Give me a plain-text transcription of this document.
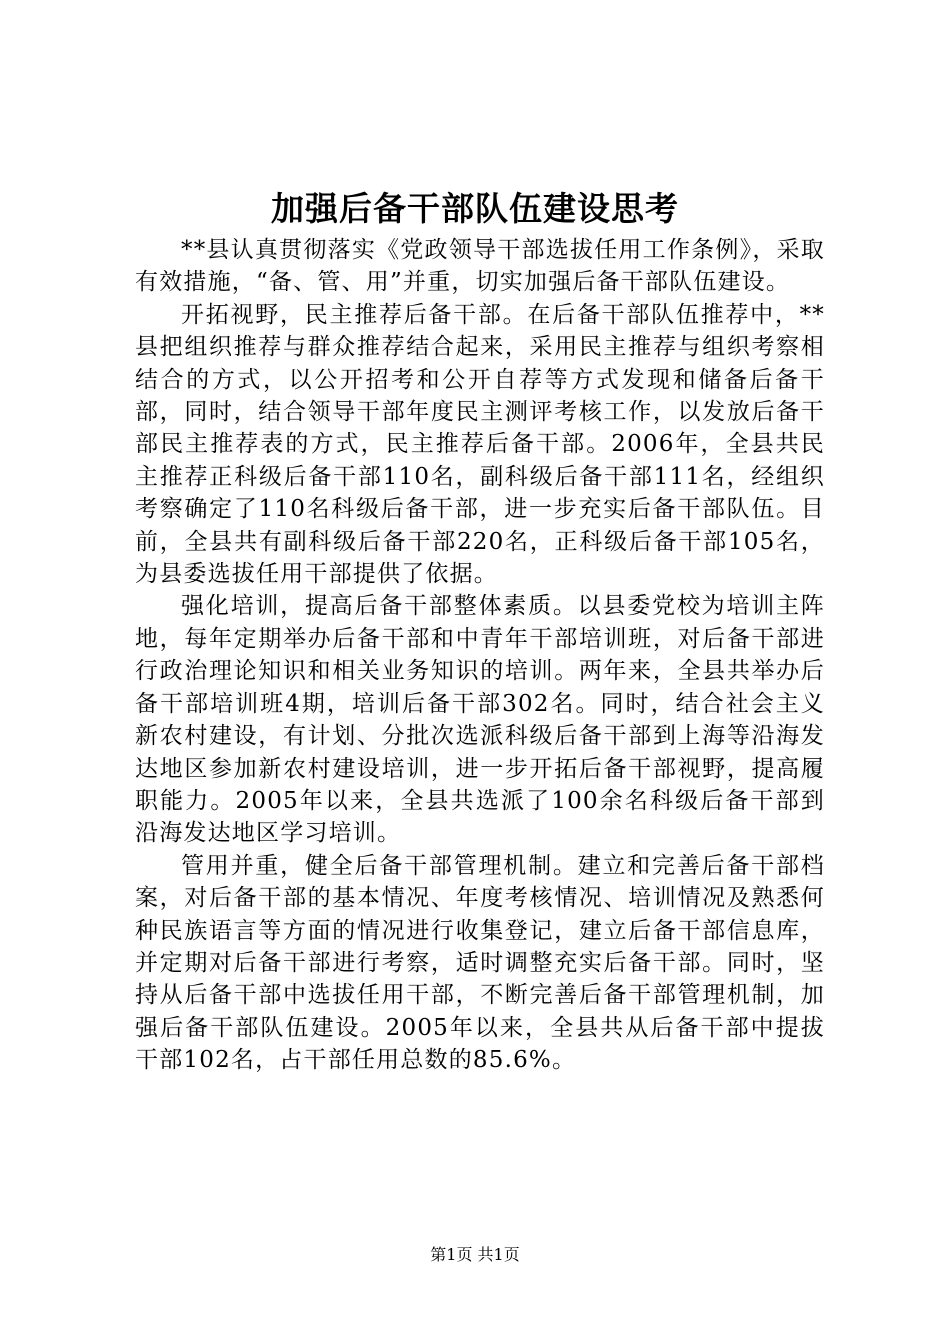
加强后备干部队伍建设思考

**县认真贯彻落实《党政领导干部选拔任用工作条例》，采取有效措施，“备、管、用”并重，切实加强后备干部队伍建设。

开拓视野，民主推荐后备干部。在后备干部队伍推荐中，**县把组织推荐与群众推荐结合起来，采用民主推荐与组织考察相结合的方式，以公开招考和公开自荐等方式发现和储备后备干部，同时，结合领导干部年度民主测评考核工作，以发放后备干部民主推荐表的方式，民主推荐后备干部。2006年，全县共民主推荐正科级后备干部110名，副科级后备干部111名，经组织考察确定了110名科级后备干部，进一步充实后备干部队伍。目前，全县共有副科级后备干部220名，正科级后备干部105名，为县委选拔任用干部提供了依据。

强化培训，提高后备干部整体素质。以县委党校为培训主阵地，每年定期举办后备干部和中青年干部培训班，对后备干部进行政治理论知识和相关业务知识的培训。两年来，全县共举办后备干部培训班4期，培训后备干部302名。同时，结合社会主义新农村建设，有计划、分批次选派科级后备干部到上海等沿海发达地区参加新农村建设培训，进一步开拓后备干部视野，提高履职能力。2005年以来，全县共选派了100余名科级后备干部到沿海发达地区学习培训。

管用并重，健全后备干部管理机制。建立和完善后备干部档案，对后备干部的基本情况、年度考核情况、培训情况及熟悉何种民族语言等方面的情况进行收集登记，建立后备干部信息库，并定期对后备干部进行考察，适时调整充实后备干部。同时，坚持从后备干部中选拔任用干部，不断完善后备干部管理机制，加强后备干部队伍建设。2005年以来，全县共从后备干部中提拔干部102名，占干部任用总数的85.6%。

第1页 共1页
